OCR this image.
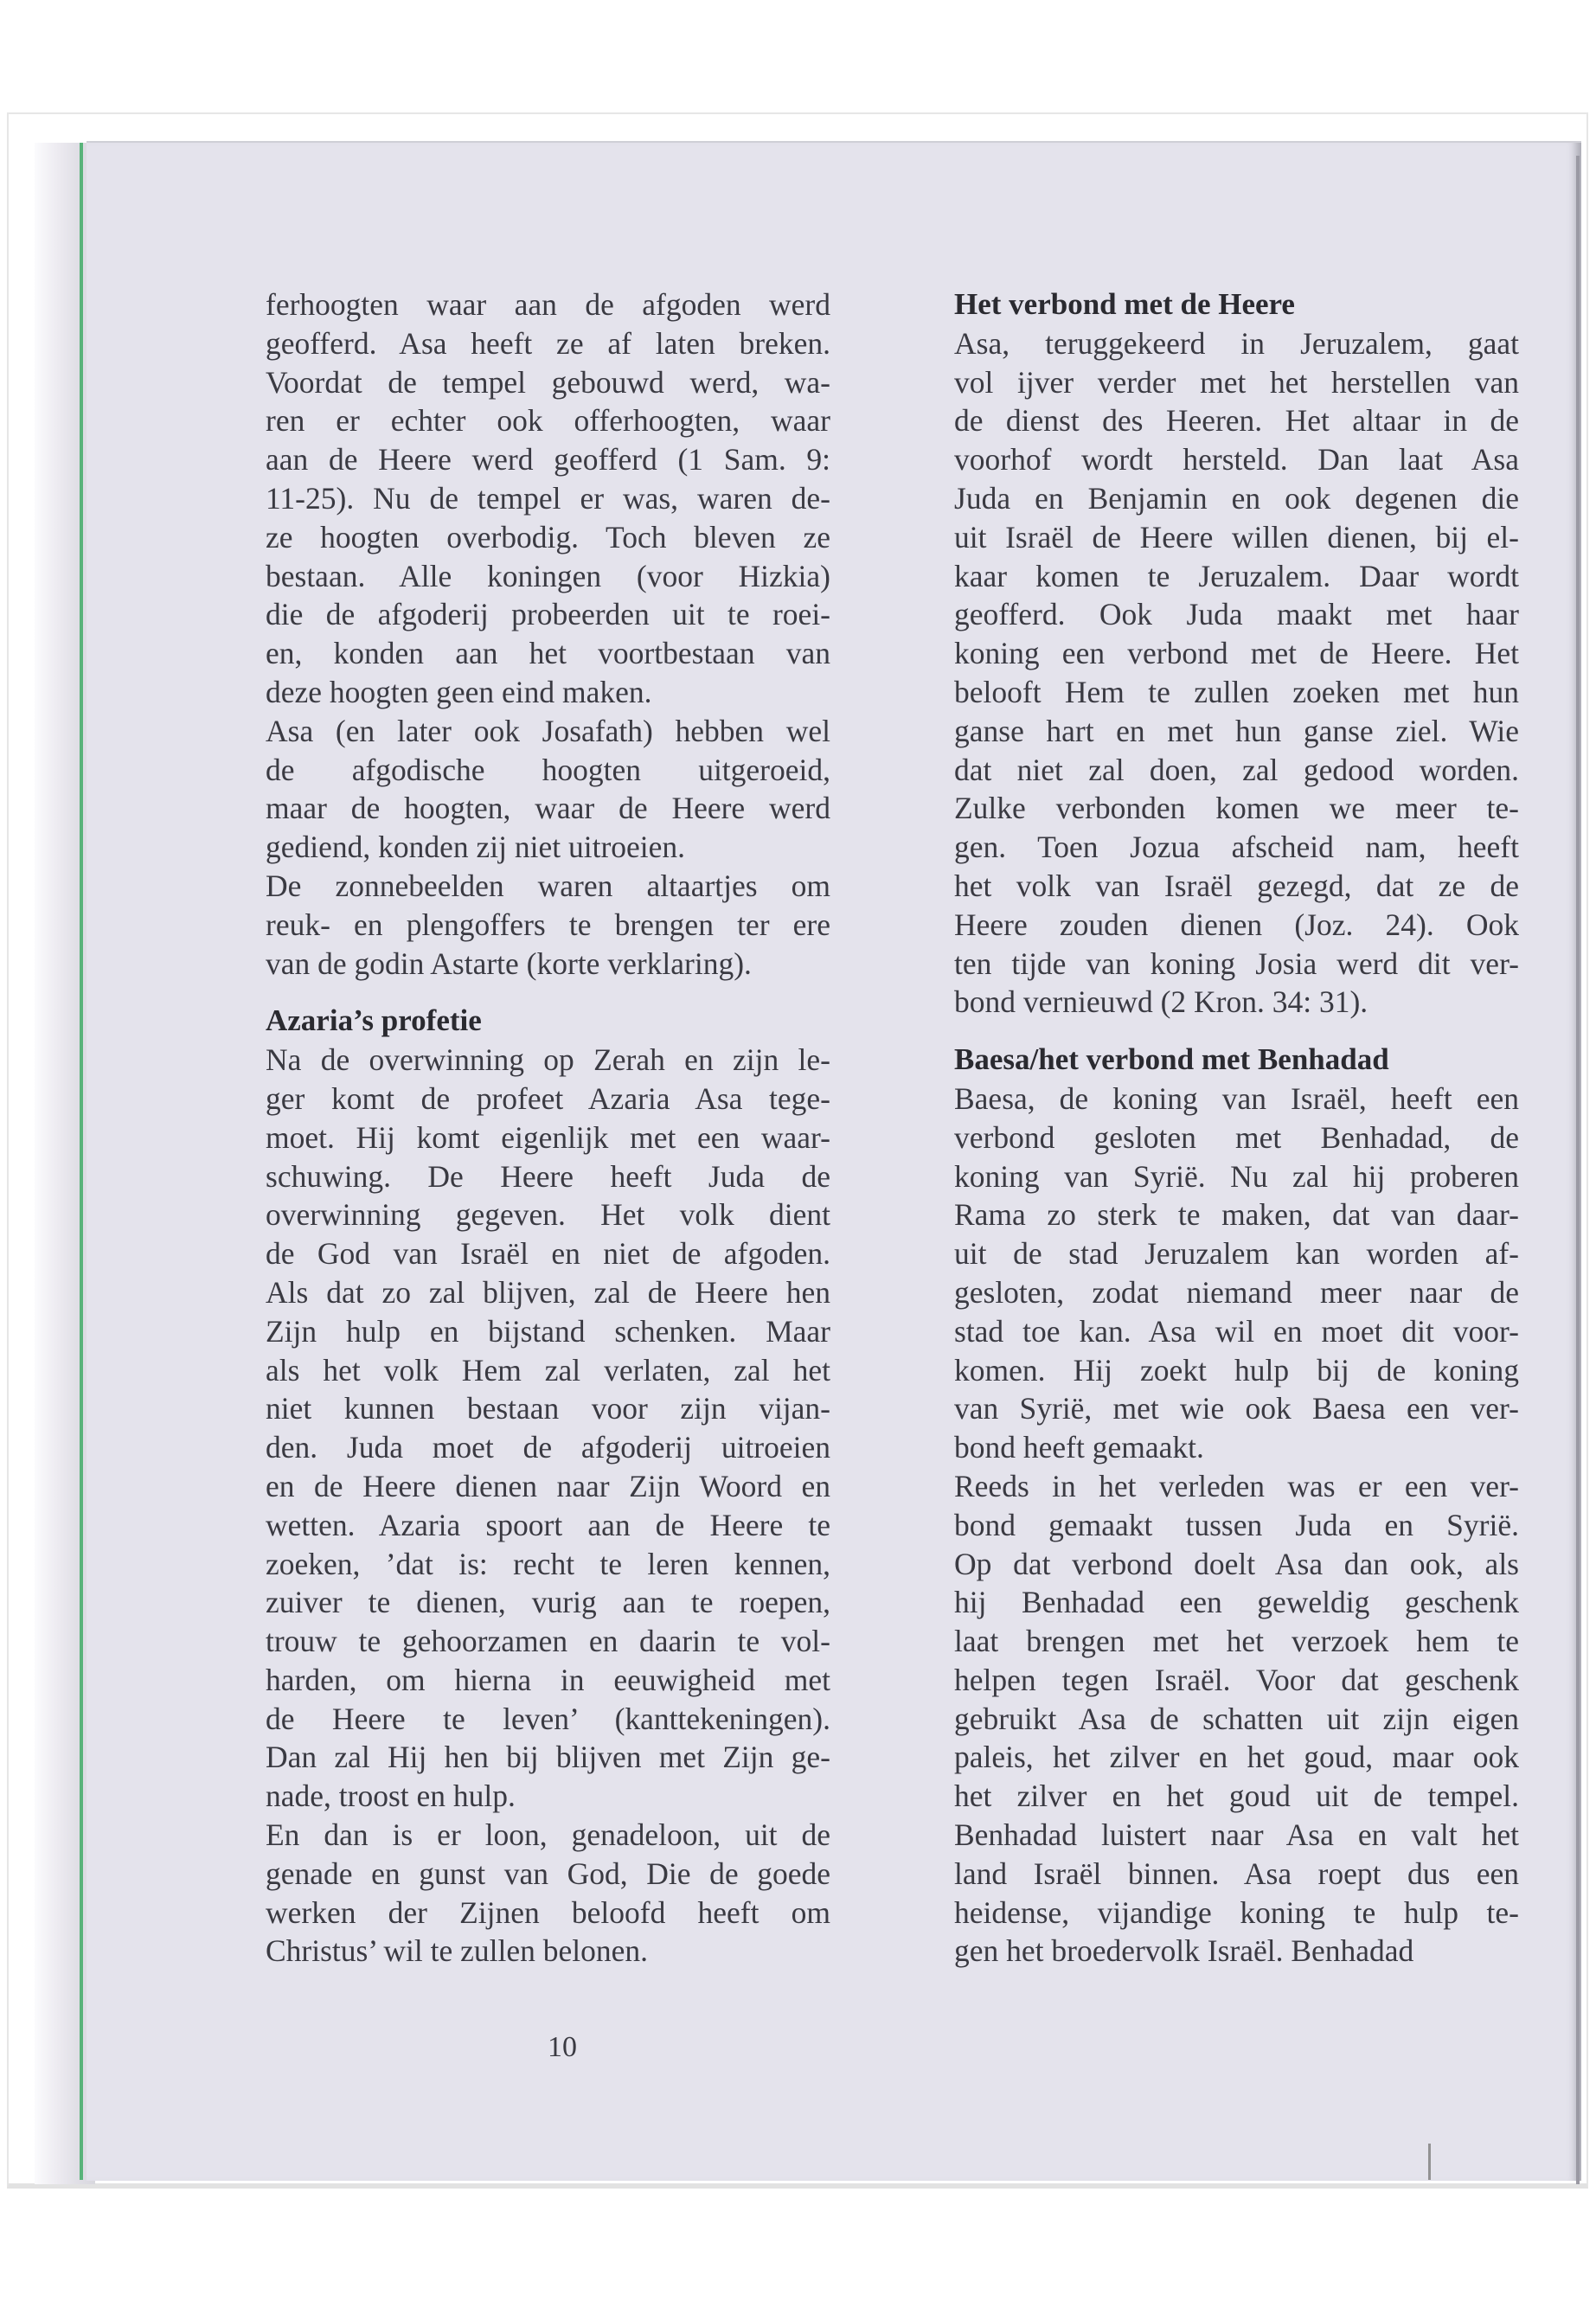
ferhoogten waar aan de afgoden werd
geofferd. Asa heeft ze af laten breken.
Voordat de tempel gebouwd werd, wa-
ren er echter ook offerhoogten, waar
aan de Heere werd geofferd (1 Sam. 9:
11-25). Nu de tempel er was, waren de-
ze hoogten overbodig. Toch bleven ze
bestaan. Alle koningen (voor Hizkia)
die de afgoderij probeerden uit te roei-
en, konden aan het voortbestaan van
deze hoogten geen eind maken.
Asa (en later ook Josafath) hebben wel
de afgodische hoogten uitgeroeid,
maar de hoogten, waar de Heere werd
gediend, konden zij niet uitroeien.
De zonnebeelden waren altaartjes om
reuk- en plengoffers te brengen ter ere
van de godin Astarte (korte verklaring).
Azaria’s profetie
Na de overwinning op Zerah en zijn le-
ger komt de profeet Azaria Asa tege-
moet. Hij komt eigenlijk met een waar-
schuwing. De Heere heeft Juda de
overwinning gegeven. Het volk dient
de God van Israël en niet de afgoden.
Als dat zo zal blijven, zal de Heere hen
Zijn hulp en bijstand schenken. Maar
als het volk Hem zal verlaten, zal het
niet kunnen bestaan voor zijn vijan-
den. Juda moet de afgoderij uitroeien
en de Heere dienen naar Zijn Woord en
wetten. Azaria spoort aan de Heere te
zoeken, ’dat is: recht te leren kennen,
zuiver te dienen, vurig aan te roepen,
trouw te gehoorzamen en daarin te vol-
harden, om hierna in eeuwigheid met
de Heere te leven’ (kanttekeningen).
Dan zal Hij hen bij blijven met Zijn ge-
nade, troost en hulp.
En dan is er loon, genadeloon, uit de
genade en gunst van God, Die de goede
werken der Zijnen beloofd heeft om
Christus’ wil te zullen belonen.
Het verbond met de Heere
Asa, teruggekeerd in Jeruzalem, gaat
vol ijver verder met het herstellen van
de dienst des Heeren. Het altaar in de
voorhof wordt hersteld. Dan laat Asa
Juda en Benjamin en ook degenen die
uit Israël de Heere willen dienen, bij el-
kaar komen te Jeruzalem. Daar wordt
geofferd. Ook Juda maakt met haar
koning een verbond met de Heere. Het
belooft Hem te zullen zoeken met hun
ganse hart en met hun ganse ziel. Wie
dat niet zal doen, zal gedood worden.
Zulke verbonden komen we meer te-
gen. Toen Jozua afscheid nam, heeft
het volk van Israël gezegd, dat ze de
Heere zouden dienen (Joz. 24). Ook
ten tijde van koning Josia werd dit ver-
bond vernieuwd (2 Kron. 34: 31).
Baesa/het verbond met Benhadad
Baesa, de koning van Israël, heeft een
verbond gesloten met Benhadad, de
koning van Syrië. Nu zal hij proberen
Rama zo sterk te maken, dat van daar-
uit de stad Jeruzalem kan worden af-
gesloten, zodat niemand meer naar de
stad toe kan. Asa wil en moet dit voor-
komen. Hij zoekt hulp bij de koning
van Syrië, met wie ook Baesa een ver-
bond heeft gemaakt.
Reeds in het verleden was er een ver-
bond gemaakt tussen Juda en Syrië.
Op dat verbond doelt Asa dan ook, als
hij Benhadad een geweldig geschenk
laat brengen met het verzoek hem te
helpen tegen Israël. Voor dat geschenk
gebruikt Asa de schatten uit zijn eigen
paleis, het zilver en het goud, maar ook
het zilver en het goud uit de tempel.
Benhadad luistert naar Asa en valt het
land Israël binnen. Asa roept dus een
heidense, vijandige koning te hulp te-
gen het broedervolk Israël. Benhadad
10
